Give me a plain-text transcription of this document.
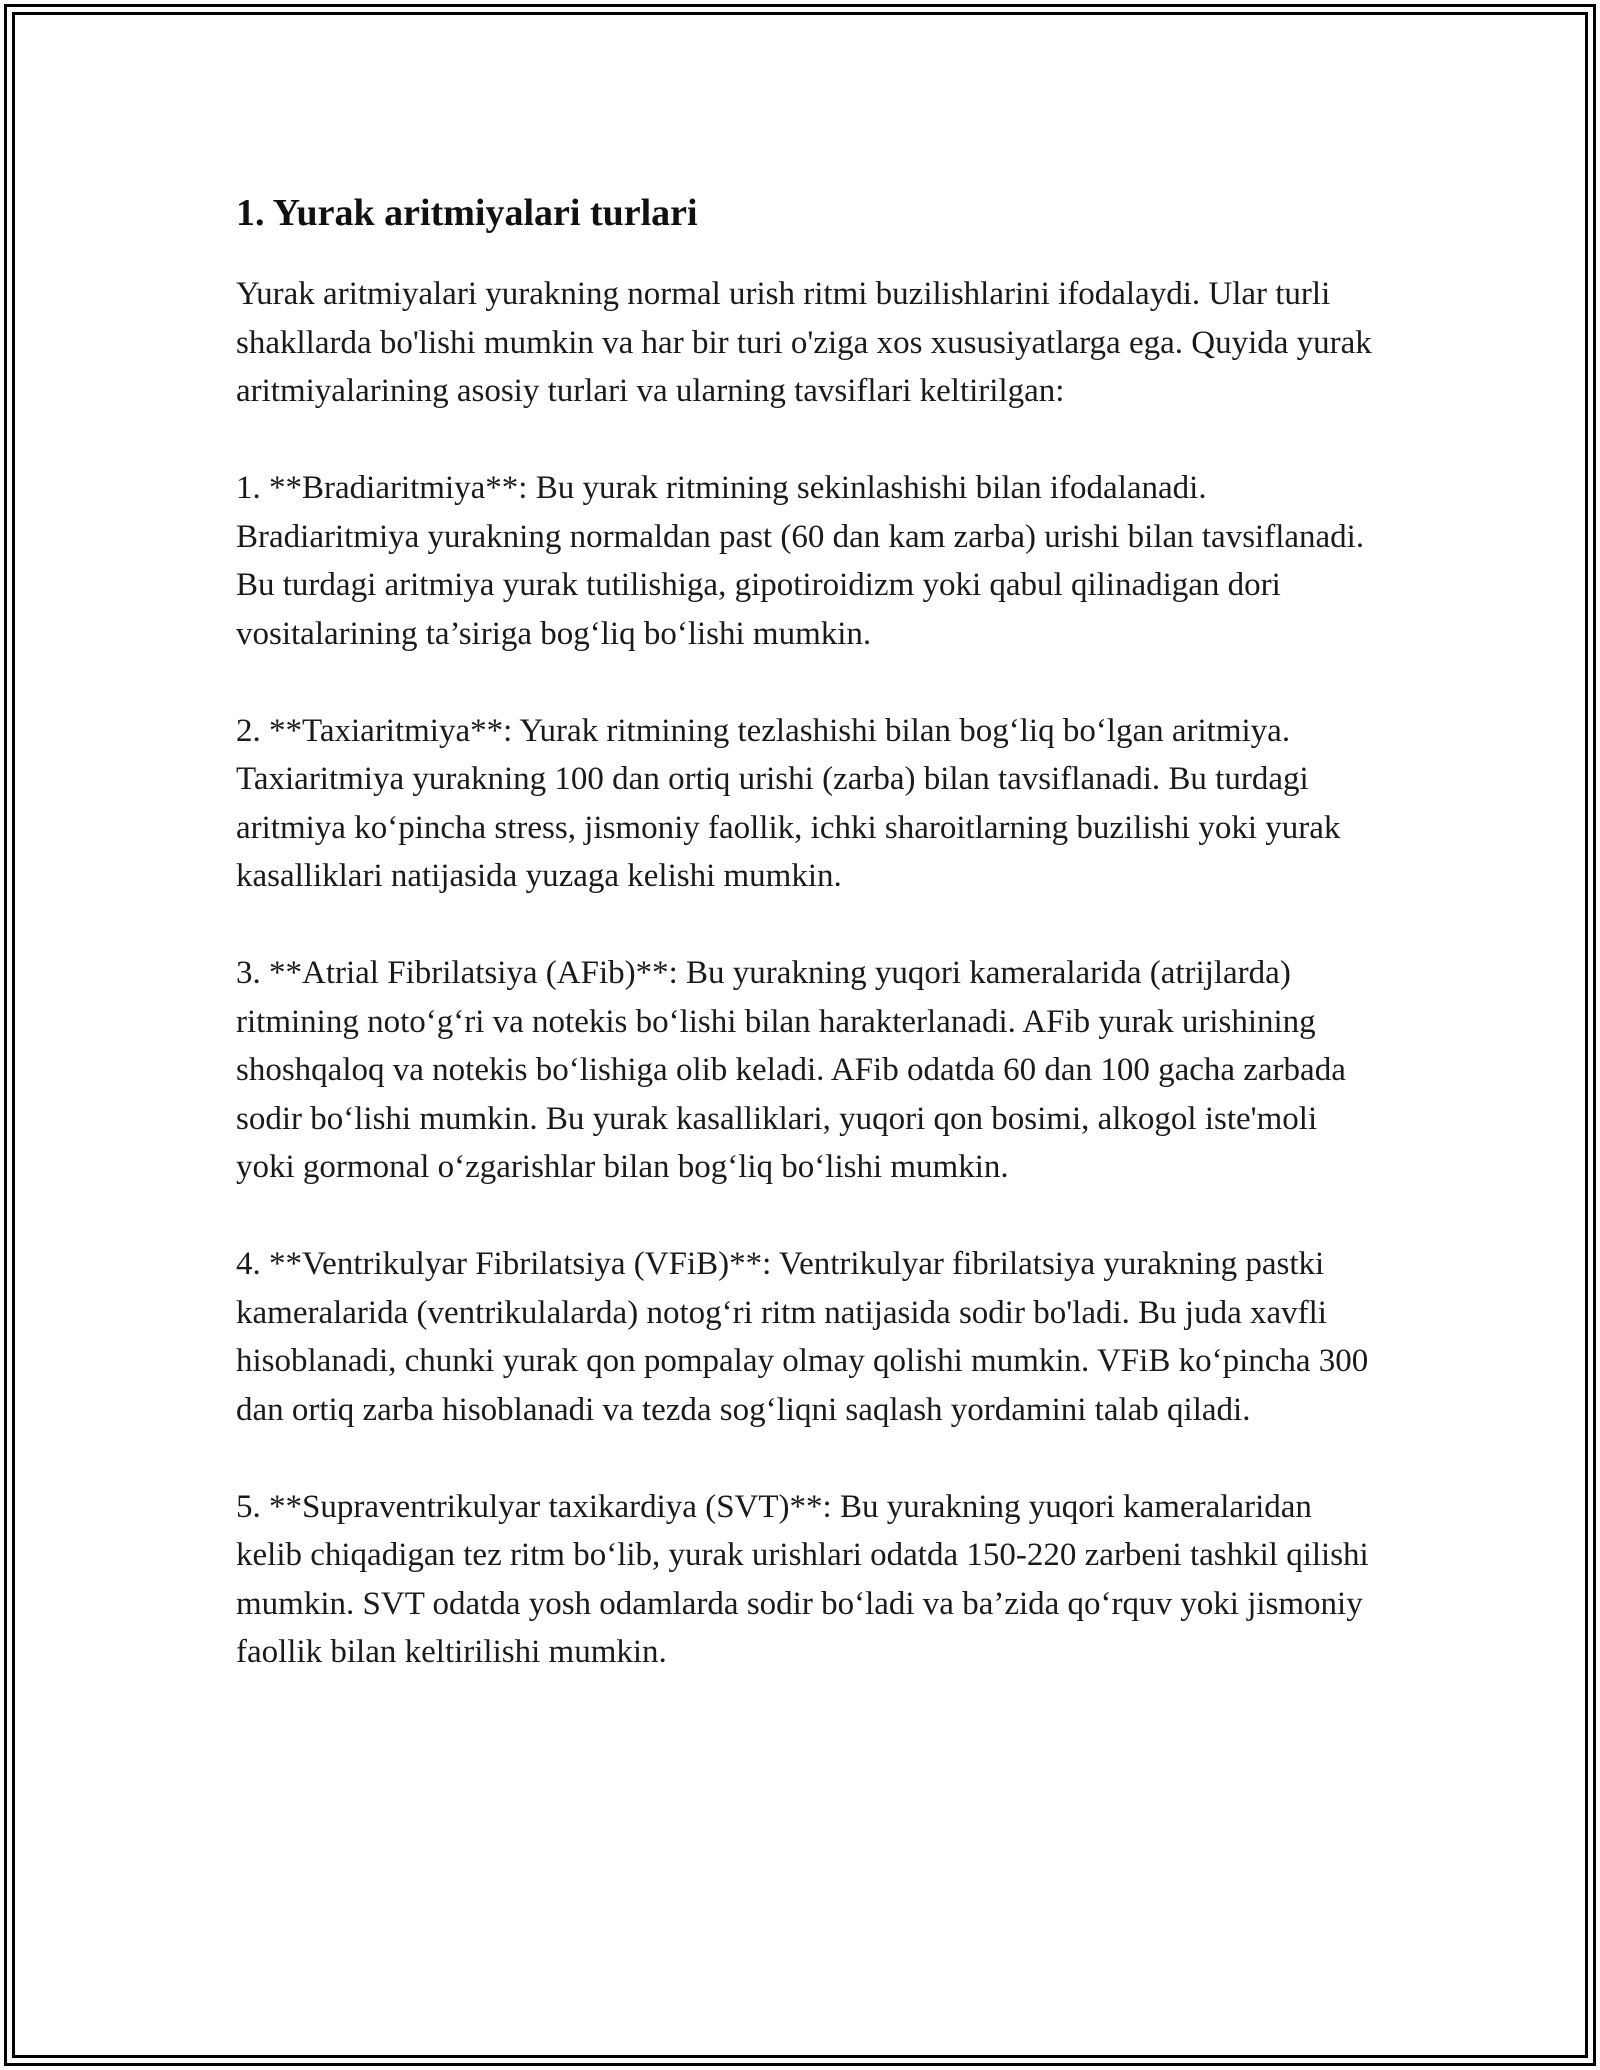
1. Yurak aritmiyalari turlari

Yurak aritmiyalari yurakning normal urish ritmi buzilishlarini ifodalaydi. Ular turli shakllarda bo'lishi mumkin va har bir turi o'ziga xos xususiyatlarga ega. Quyida yurak aritmiyalarining asosiy turlari va ularning tavsiflari keltirilgan:

1. **Bradiaritmiya**: Bu yurak ritmining sekinlashishi bilan ifodalanadi. Bradiaritmiya yurakning normaldan past (60 dan kam zarba) urishi bilan tavsiflanadi. Bu turdagi aritmiya yurak tutilishiga, gipotiroidizm yoki qabul qilinadigan dori vositalarining ta’siriga bog‘liq bo‘lishi mumkin.

2. **Taxiaritmiya**: Yurak ritmining tezlashishi bilan bog‘liq bo‘lgan aritmiya. Taxiaritmiya yurakning 100 dan ortiq urishi (zarba) bilan tavsiflanadi. Bu turdagi aritmiya ko‘pincha stress, jismoniy faollik, ichki sharoitlarning buzilishi yoki yurak kasalliklari natijasida yuzaga kelishi mumkin.

3. **Atrial Fibrilatsiya (AFib)**: Bu yurakning yuqori kameralarida (atrijlarda) ritmining noto‘g‘ri va notekis bo‘lishi bilan harakterlanadi. AFib yurak urishining shoshqaloq va notekis bo‘lishiga olib keladi. AFib odatda 60 dan 100 gacha zarbada sodir bo‘lishi mumkin. Bu yurak kasalliklari, yuqori qon bosimi, alkogol iste'moli yoki gormonal o‘zgarishlar bilan bog‘liq bo‘lishi mumkin.

4. **Ventrikulyar Fibrilatsiya (VFiB)**: Ventrikulyar fibrilatsiya yurakning pastki kameralarida (ventrikulalarda) notog‘ri ritm natijasida sodir bo'ladi. Bu juda xavfli hisoblanadi, chunki yurak qon pompalay olmay qolishi mumkin. VFiB ko‘pincha 300 dan ortiq zarba hisoblanadi va tezda sog‘liqni saqlash yordamini talab qiladi.

5. **Supraventrikulyar taxikardiya (SVT)**: Bu yurakning yuqori kameralaridan kelib chiqadigan tez ritm bo‘lib, yurak urishlari odatda 150-220 zarbeni tashkil qilishi mumkin. SVT odatda yosh odamlarda sodir bo‘ladi va ba’zida qo‘rquv yoki jismoniy faollik bilan keltirilishi mumkin.
